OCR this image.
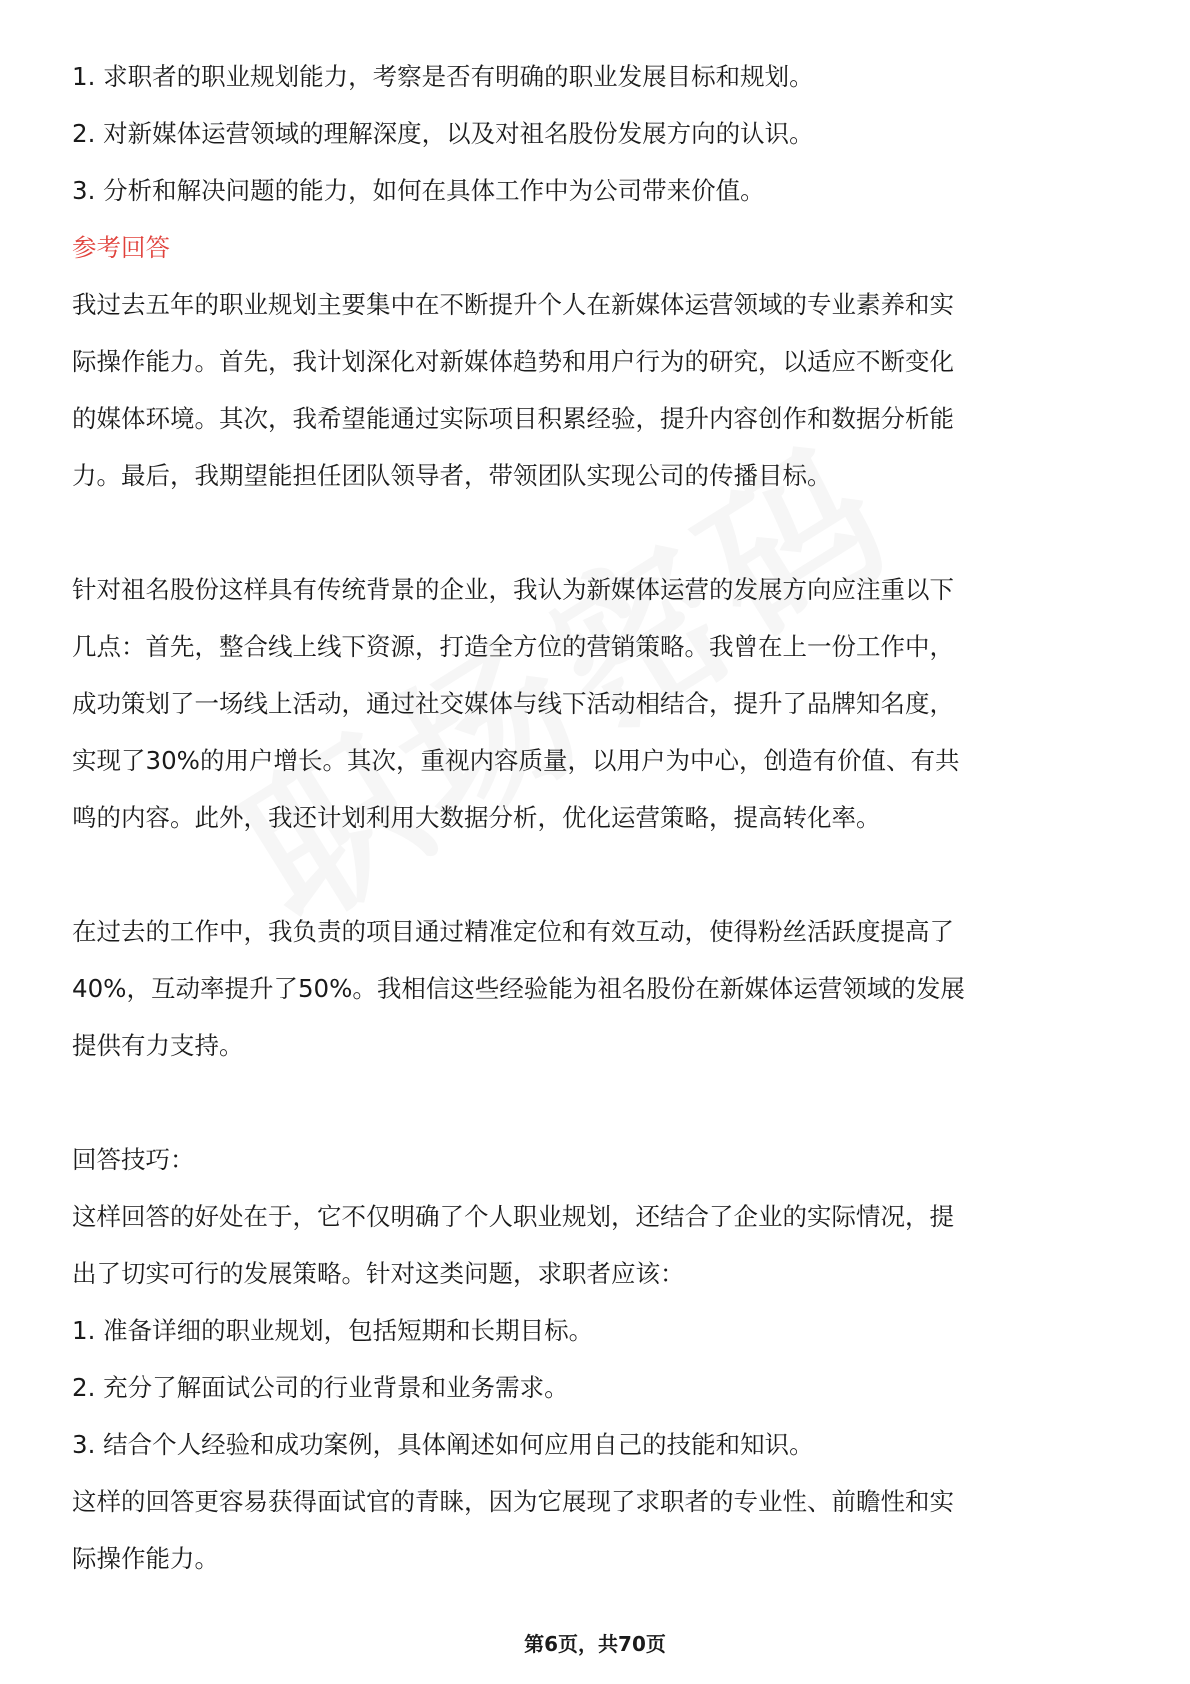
1. 求职者的职业规划能力，考察是否有明确的职业发展目标和规划。

2. 对新媒体运营领域的理解深度，以及对祖名股份发展方向的认识。

3. 分析和解决问题的能力，如何在具体工作中为公司带来价值。

参考回答

我过去五年的职业规划主要集中在不断提升个人在新媒体运营领域的专业素养和实

际操作能力。首先，我计划深化对新媒体趋势和用户行为的研究，以适应不断变化

的媒体环境。其次，我希望能通过实际项目积累经验，提升内容创作和数据分析能

力。最后，我期望能担任团队领导者，带领团队实现公司的传播目标。

针对祖名股份这样具有传统背景的企业，我认为新媒体运营的发展方向应注重以下

几点：首先，整合线上线下资源，打造全方位的营销策略。我曾在上一份工作中，

成功策划了一场线上活动，通过社交媒体与线下活动相结合，提升了品牌知名度，

实现了30%的用户增长。其次，重视内容质量，以用户为中心，创造有价值、有共

鸣的内容。此外，我还计划利用大数据分析，优化运营策略，提高转化率。

在过去的工作中，我负责的项目通过精准定位和有效互动，使得粉丝活跃度提高了

40%，互动率提升了50%。我相信这些经验能为祖名股份在新媒体运营领域的发展

提供有力支持。

回答技巧：

这样回答的好处在于，它不仅明确了个人职业规划，还结合了企业的实际情况，提

出了切实可行的发展策略。针对这类问题，求职者应该：

1. 准备详细的职业规划，包括短期和长期目标。

2. 充分了解面试公司的行业背景和业务需求。

3. 结合个人经验和成功案例，具体阐述如何应用自己的技能和知识。

这样的回答更容易获得面试官的青睐，因为它展现了求职者的专业性、前瞻性和实

际操作能力。

第6页，共70页
